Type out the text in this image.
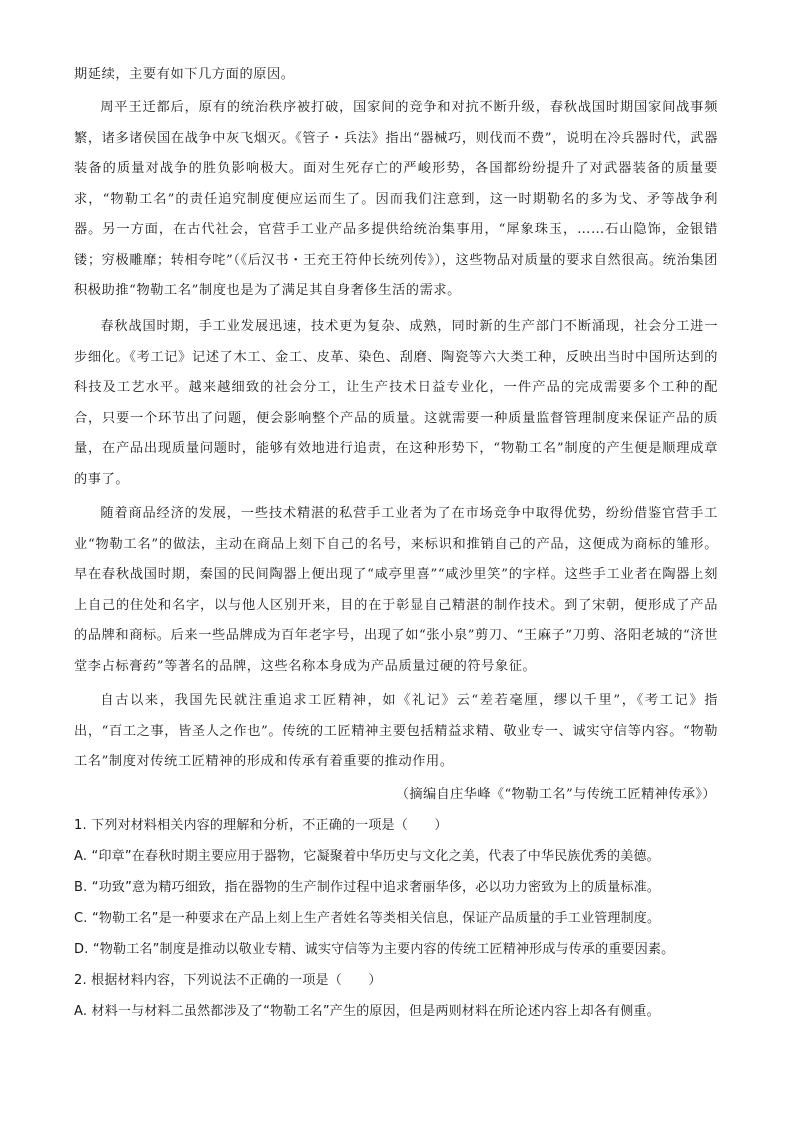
期延续，主要有如下几方面的原因。
周平王迁都后，原有的统治秩序被打破，国家间的竞争和对抗不断升级，春秋战国时期国家间战事频繁，诸多诸侯国在战争中灰飞烟灭。《管子・兵法》指出“器械巧，则伐而不费”，说明在冷兵器时代，武器装备的质量对战争的胜负影响极大。面对生死存亡的严峻形势，各国都纷纷提升了对武器装备的质量要求，“物勒工名”的责任追究制度便应运而生了。因而我们注意到，这一时期勒名的多为戈、矛等战争利器。另一方面，在古代社会，官营手工业产品多提供给统治集事用，“犀象珠玉，……石山隐饰，金银错镂；穷极雕靡；转相夸咤”（《后汉书・王充王符仲长统列传》），这些物品对质量的要求自然很高。统治集团积极助推“物勒工名”制度也是为了满足其自身奢侈生活的需求。
春秋战国时期，手工业发展迅速，技术更为复杂、成熟，同时新的生产部门不断涌现，社会分工进一步细化。《考工记》记述了木工、金工、皮革、染色、刮磨、陶瓷等六大类工种，反映出当时中国所达到的科技及工艺水平。越来越细致的社会分工，让生产技术日益专业化，一件产品的完成需要多个工种的配合，只要一个环节出了问题，便会影响整个产品的质量。这就需要一种质量监督管理制度来保证产品的质量，在产品出现质量问题时，能够有效地进行追责，在这种形势下，“物勒工名”制度的产生便是顺理成章的事了。
随着商品经济的发展，一些技术精湛的私营手工业者为了在市场竞争中取得优势，纷纷借鉴官营手工业“物勒工名”的做法，主动在商品上刻下自己的名号，来标识和推销自己的产品，这便成为商标的雏形。早在春秋战国时期，秦国的民间陶器上便出现了“咸亭里喜”“咸沙里笑”的字样。这些手工业者在陶器上刻上自己的住处和名字，以与他人区别开来，目的在于彰显自己精湛的制作技术。到了宋朝，便形成了产品的品牌和商标。后来一些品牌成为百年老字号，出现了如“张小泉”剪刀、“王麻子”刀剪、洛阳老城的“济世堂李占标膏药”等著名的品牌，这些名称本身成为产品质量过硬的符号象征。
自古以来，我国先民就注重追求工匠精神，如《礼记》云“差若毫厘，缪以千里”，《考工记》指出，“百工之事，皆圣人之作也”。传统的工匠精神主要包括精益求精、敬业专一、诚实守信等内容。“物勒工名”制度对传统工匠精神的形成和传承有着重要的推动作用。
（摘编自庄华峰《“物勒工名”与传统工匠精神传承》）
1. 下列对材料相关内容的理解和分析，不正确的一项是（　　）
A. “印章”在春秋时期主要应用于器物，它凝聚着中华历史与文化之美，代表了中华民族优秀的美德。
B. “功致”意为精巧细致，指在器物的生产制作过程中追求奢丽华侈，必以功力密致为上的质量标准。
C. “物勒工名”是一种要求在产品上刻上生产者姓名等类相关信息，保证产品质量的手工业管理制度。
D. “物勒工名”制度是推动以敬业专精、诚实守信等为主要内容的传统工匠精神形成与传承的重要因素。
2. 根据材料内容，下列说法不正确的一项是（　　）
A. 材料一与材料二虽然都涉及了“物勒工名”产生的原因，但是两则材料在所论述内容上却各有侧重。
